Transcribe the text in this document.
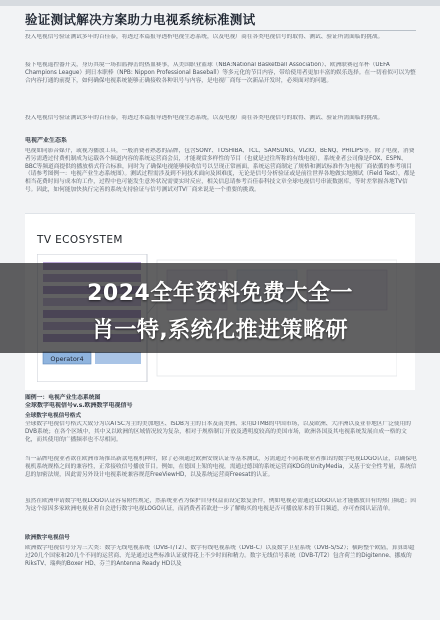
验证测试解决方案助力电视系统标准测试
投入电视信号验证测试多年的百佳泰，将透过本篇报导透析电视生态系统，以及电视厂商在各类电视信号的取得、测试、验证所需面临的挑战。
接下电视遥控器开关，身历其境一场扣篮搏击的热血赛事，从美国职业篮球（NBA:National Basketball Association）、欧洲联赛冠军杯（UEFA Champions League）到日本职棒（NPB: Nippon Professional Baseball）等多元化的节目内容，带给使用者更加丰富的娱乐选择。在一切看似可以为整合内容打通的前提下，如何确保电视系统能够正确接收各种讯号与内容，是电视厂商每一次新品开发时，必须面对的问题。
投入电视信号验证测试多年的百佳泰，将透过本篇报导透析电视生态系统，以及电视厂商在各类电视信号的取得、测试、验证所需面临的挑战。
电视产业生态系
电视如同影音媒介，或视为播放工具，一般消费者熟悉的品牌，包含SONY、TOSHIBA、TCL、SAMSUNG、VIZIO、BENQ、PHILIPS等。除了电视，消费者另需透过付费机制成为运载各个频道内容的系统运营商会员，才能观赏多样性的节目（也就是过往所称的有线电视），系统业者公司像是FOX、ESPN、BBC等频道商提供的播放格式符合标准，同时为了确保电视能够接收信号以呈现正常画面，系统运营商制定了规格和测试标准作为电视厂商依循的参考项目（请参考图例一：电视产业生态系统图）。测试过程需涉及到不同技术面向及困难度，无论是信号分析验证或是前往世界各地做实地测试（Field Test），都是相当花费时间与成本的工作，过程中也可能发生意外状况需要实时反应，相关信息请参考百佳泰科技文章全球电视信号串流数据库，等时差掌握各地TV信号。因此，如何能加快执行完善的系统支持验证与信号测试对TV厂商来说是一个重要的挑战。
TV ECOSYSTEM
Operator4
图例一：电视产业生态系统图
全球数字电视信号v.s.欧洲数字电视信号
全球数字电视信号格式
全球数字电视信号格式大致分为以ATSC为主的美加地区、ISDB为主的日本及南美洲、采用DTMB的中国市场，以及欧洲、大洋洲以及亚非地区广泛使用的DVB系统；在各个区域中，其中又以欧洲的区域情况较为复杂，相对于规格制订开放及透明度较高的美国市场，欧洲各国及其电视系统发展自成一格的文化，而其使用的广播频率也不尽相同。
当一品牌电视业者欲在欧洲市场推出新款电视机种时，除了必须通过欧洲安规认证等基本测试，另需通过不同系统业者推出的数字电视LOGO认证，以确保电视机系统规格之间的兼容性，正常接收信号播放节目。例如，在德国上架的电视，需通过德国的系统运营商KDG的UnityMedia，又基于安全性考量，系统信息的加密法规，因此需另外设计电视系统兼容规范FreeViewHD，以及系统运营商Freesat的认证。
虽然在欧洲申请数字电视LOGO认证容易附性规定，然系统业者为保护自身权益而设定繁复条件，例如电视必需通过LOGO认证才能播放自有的热门频道；因为这个原因多家欧洲电视业者自会进行数字电视LOGO认证，而消费者若欲进一步了解购买的电视是否可播放原本的节目频道，亦可查阅认证清单。
欧洲数字电视信号
欧洲数字电视信号分为三大类：数字无线电视系统（DVB-T/T2）、数字有线电视系统（DVB-C）以及数字卫星系统（DVB-S/S2）；横跨整个欧陆，算算即超过20几个国家和20几个不同的运营商、光是通过这些标准认证就得花上不少时间和精力。数字无线信号系统（DVB-T/T2）包含荷兰的Digitenne、挪威的RiksTV、瑞典的Boxer HD、芬兰的Antenna Ready HD以及
2024全年资料免费大全一
肖一特,系统化推进策略研
